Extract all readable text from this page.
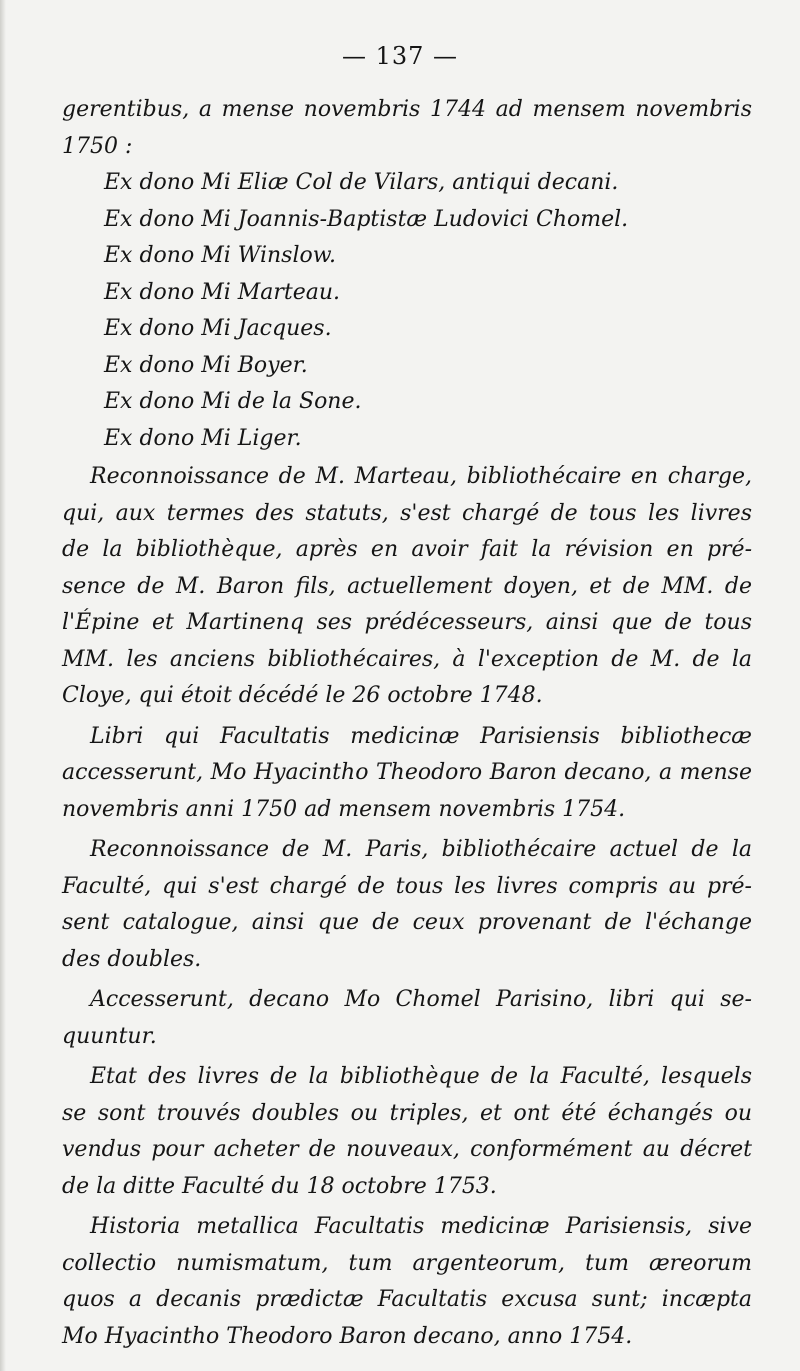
— 137 —
gerentibus, a mense novembris 1744 ad mensem novembris
1750 :
Ex dono Mi Eliæ Col de Vilars, antiqui decani.
Ex dono Mi Joannis-Baptistæ Ludovici Chomel.
Ex dono Mi Winslow.
Ex dono Mi Marteau.
Ex dono Mi Jacques.
Ex dono Mi Boyer.
Ex dono Mi de la Sone.
Ex dono Mi Liger.
Reconnoissance de M. Marteau, bibliothécaire en charge,
qui, aux termes des statuts, s'est chargé de tous les livres
de la bibliothèque, après en avoir fait la révision en pré-
sence de M. Baron fils, actuellement doyen, et de MM. de
l'Épine et Martinenq ses prédécesseurs, ainsi que de tous
MM. les anciens bibliothécaires, à l'exception de M. de la
Cloye, qui étoit décédé le 26 octobre 1748.
Libri qui Facultatis medicinæ Parisiensis bibliothecæ
accesserunt, Mo Hyacintho Theodoro Baron decano, a mense
novembris anni 1750 ad mensem novembris 1754.
Reconnoissance de M. Paris, bibliothécaire actuel de la
Faculté, qui s'est chargé de tous les livres compris au pré-
sent catalogue, ainsi que de ceux provenant de l'échange
des doubles.
Accesserunt, decano Mo Chomel Parisino, libri qui se-
quuntur.
Etat des livres de la bibliothèque de la Faculté, lesquels
se sont trouvés doubles ou triples, et ont été échangés ou
vendus pour acheter de nouveaux, conformément au décret
de la ditte Faculté du 18 octobre 1753.
Historia metallica Facultatis medicinæ Parisiensis, sive
collectio numismatum, tum argenteorum, tum æreorum
quos a decanis prædictæ Facultatis excusa sunt; incæpta
Mo Hyacintho Theodoro Baron decano, anno 1754.
